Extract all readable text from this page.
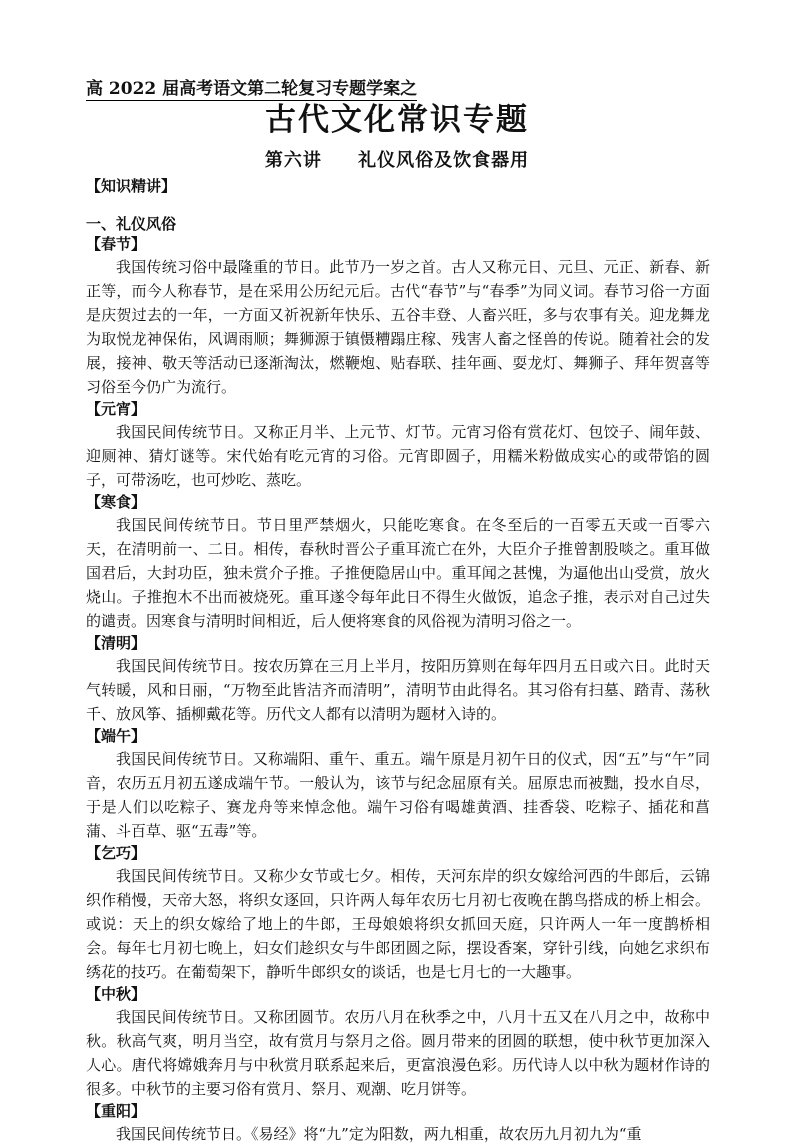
高 2022 届高考语文第二轮复习专题学案之
古代文化常识专题
第六讲     礼仪风俗及饮食器用
【知识精讲】
一、礼仪风俗
【春节】

我国传统习俗中最隆重的节日。此节乃一岁之首。古人又称元日、元旦、元正、新春、新正等，而今人称春节，是在采用公历纪元后。古代“春节”与“春季”为同义词。春节习俗一方面是庆贺过去的一年，一方面又祈祝新年快乐、五谷丰登、人畜兴旺，多与农事有关。迎龙舞龙为取悦龙神保佑，风调雨顺；舞狮源于镇慑糟蹋庄稼、残害人畜之怪兽的传说。随着社会的发展，接神、敬天等活动已逐渐淘汰，燃鞭炮、贴春联、挂年画、耍龙灯、舞狮子、拜年贺喜等习俗至今仍广为流行。

【元宵】

我国民间传统节日。又称正月半、上元节、灯节。元宵习俗有赏花灯、包饺子、闹年鼓、迎厕神、猜灯谜等。宋代始有吃元宵的习俗。元宵即圆子，用糯米粉做成实心的或带馅的圆子，可带汤吃，也可炒吃、蒸吃。

【寒食】

我国民间传统节日。节日里严禁烟火，只能吃寒食。在冬至后的一百零五天或一百零六天，在清明前一、二日。相传，春秋时晋公子重耳流亡在外，大臣介子推曾割股啖之。重耳做国君后，大封功臣，独未赏介子推。子推便隐居山中。重耳闻之甚愧，为逼他出山受赏，放火烧山。子推抱木不出而被烧死。重耳遂令每年此日不得生火做饭，追念子推，表示对自己过失的谴责。因寒食与清明时间相近，后人便将寒食的风俗视为清明习俗之一。

【清明】

我国民间传统节日。按农历算在三月上半月，按阳历算则在每年四月五日或六日。此时天气转暖，风和日丽，“万物至此皆洁齐而清明”，清明节由此得名。其习俗有扫墓、踏青、荡秋千、放风筝、插柳戴花等。历代文人都有以清明为题材入诗的。

【端午】

我国民间传统节日。又称端阳、重午、重五。端午原是月初午日的仪式，因“五”与“午”同音，农历五月初五遂成端午节。一般认为，该节与纪念屈原有关。屈原忠而被黜，投水自尽，于是人们以吃粽子、赛龙舟等来悼念他。端午习俗有喝雄黄酒、挂香袋、吃粽子、插花和菖蒲、斗百草、驱“五毒”等。

【乞巧】

我国民间传统节日。又称少女节或七夕。相传，天河东岸的织女嫁给河西的牛郎后，云锦织作稍慢，天帝大怒，将织女逐回，只许两人每年农历七月初七夜晚在鹊鸟搭成的桥上相会。或说：天上的织女嫁给了地上的牛郎，王母娘娘将织女抓回天庭，只许两人一年一度鹊桥相会。每年七月初七晚上，妇女们趁织女与牛郎团圆之际，摆设香案，穿针引线，向她乞求织布绣花的技巧。在葡萄架下，静听牛郎织女的谈话，也是七月七的一大趣事。

【中秋】

我国民间传统节日。又称团圆节。农历八月在秋季之中，八月十五又在八月之中，故称中秋。秋高气爽，明月当空，故有赏月与祭月之俗。圆月带来的团圆的联想，使中秋节更加深入人心。唐代将嫦娥奔月与中秋赏月联系起来后，更富浪漫色彩。历代诗人以中秋为题材作诗的很多。中秋节的主要习俗有赏月、祭月、观潮、吃月饼等。

【重阳】

我国民间传统节日。《易经》将“九”定为阳数，两九相重，故农历九月初九为“重
